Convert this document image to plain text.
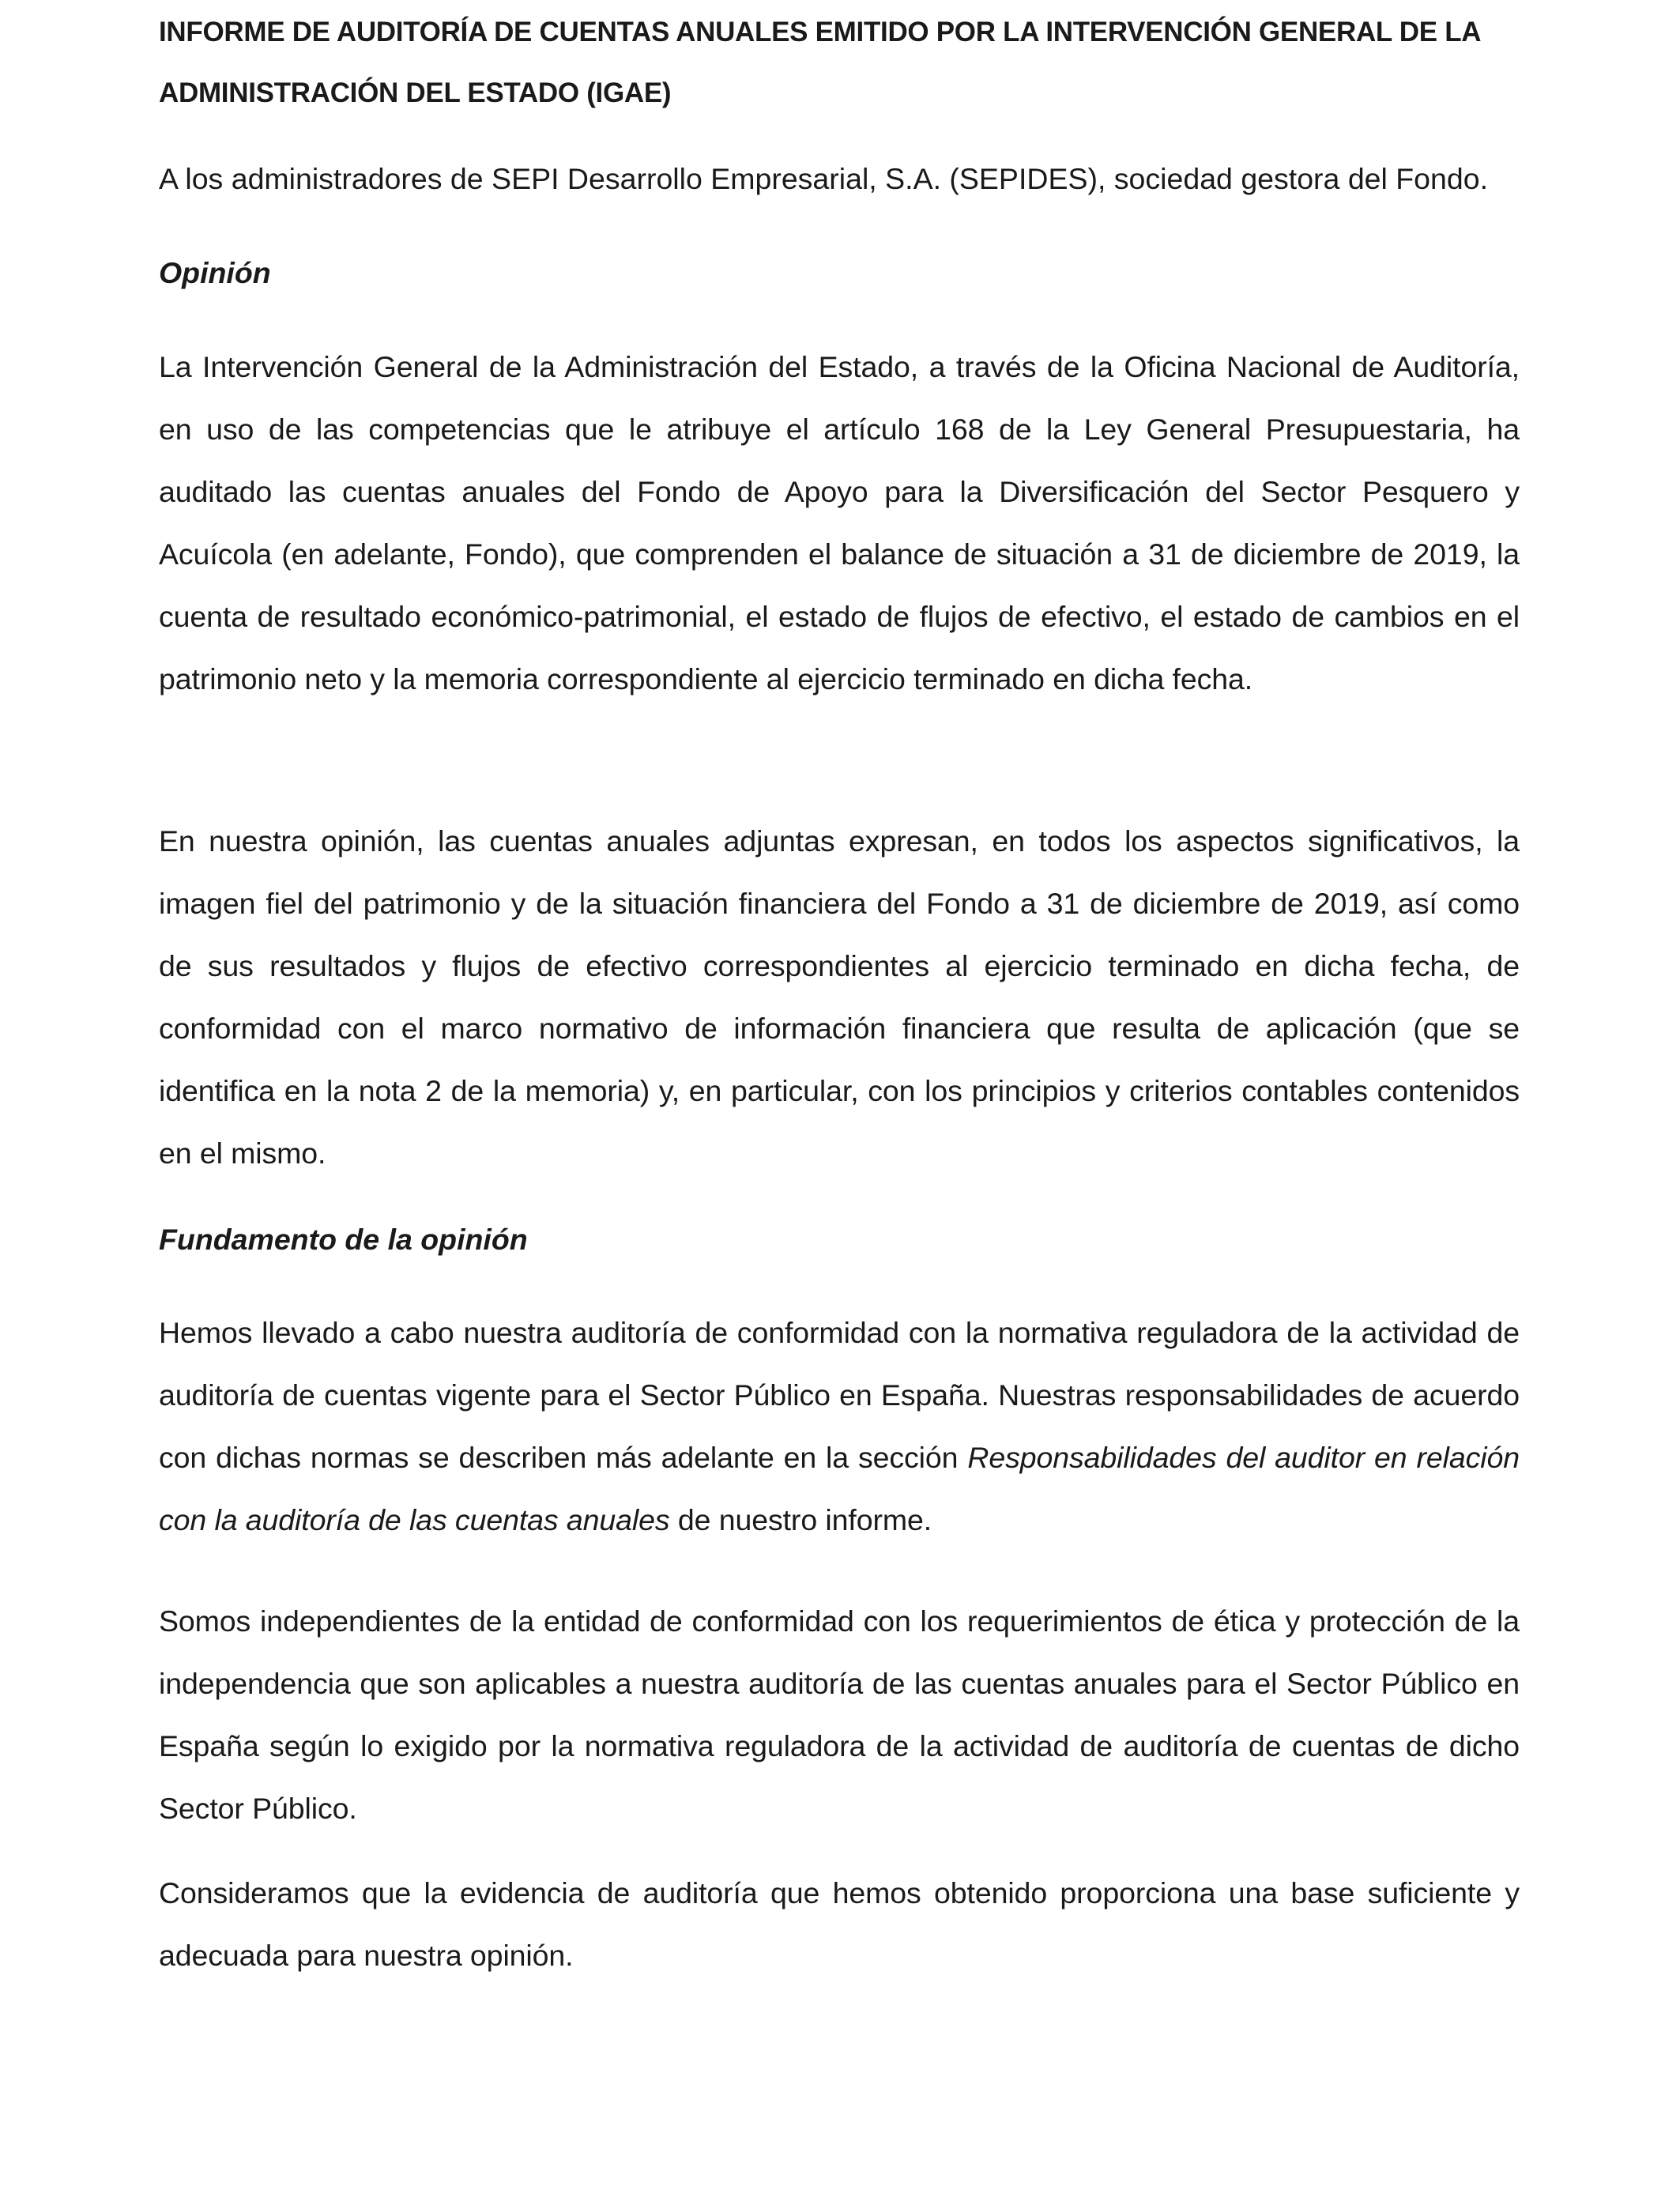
INFORME DE AUDITORÍA DE CUENTAS ANUALES EMITIDO POR LA INTERVENCIÓN GENERAL DE LA ADMINISTRACIÓN DEL ESTADO (IGAE)

A los administradores de SEPI Desarrollo Empresarial, S.A. (SEPIDES), sociedad gestora del Fondo.

Opinión

La Intervención General de la Administración del Estado, a través de la Oficina Nacional de Auditoría, en uso de las competencias que le atribuye el artículo 168 de la Ley General Presupuestaria, ha auditado las cuentas anuales del Fondo de Apoyo para la Diversificación del Sector Pesquero y Acuícola (en adelante, Fondo), que comprenden el balance de situación a 31 de diciembre de 2019, la cuenta de resultado económico-patrimonial, el estado de flujos de efectivo, el estado de cambios en el patrimonio neto y la memoria correspondiente al ejercicio terminado en dicha fecha.

En nuestra opinión, las cuentas anuales adjuntas expresan, en todos los aspectos significativos, la imagen fiel del patrimonio y de la situación financiera del Fondo a 31 de diciembre de 2019, así como de sus resultados y flujos de efectivo correspondientes al ejercicio terminado en dicha fecha, de conformidad con el marco normativo de información financiera que resulta de aplicación (que se identifica en la nota 2 de la memoria) y, en particular, con los principios y criterios contables contenidos en el mismo.

Fundamento de la opinión

Hemos llevado a cabo nuestra auditoría de conformidad con la normativa reguladora de la actividad de auditoría de cuentas vigente para el Sector Público en España. Nuestras responsabilidades de acuerdo con dichas normas se describen más adelante en la sección Responsabilidades del auditor en relación con la auditoría de las cuentas anuales de nuestro informe.

Somos independientes de la entidad de conformidad con los requerimientos de ética y protección de la independencia que son aplicables a nuestra auditoría de las cuentas anuales para el Sector Público en España según lo exigido por la normativa reguladora de la actividad de auditoría de cuentas de dicho Sector Público.

Consideramos que la evidencia de auditoría que hemos obtenido proporciona una base suficiente y adecuada para nuestra opinión.
